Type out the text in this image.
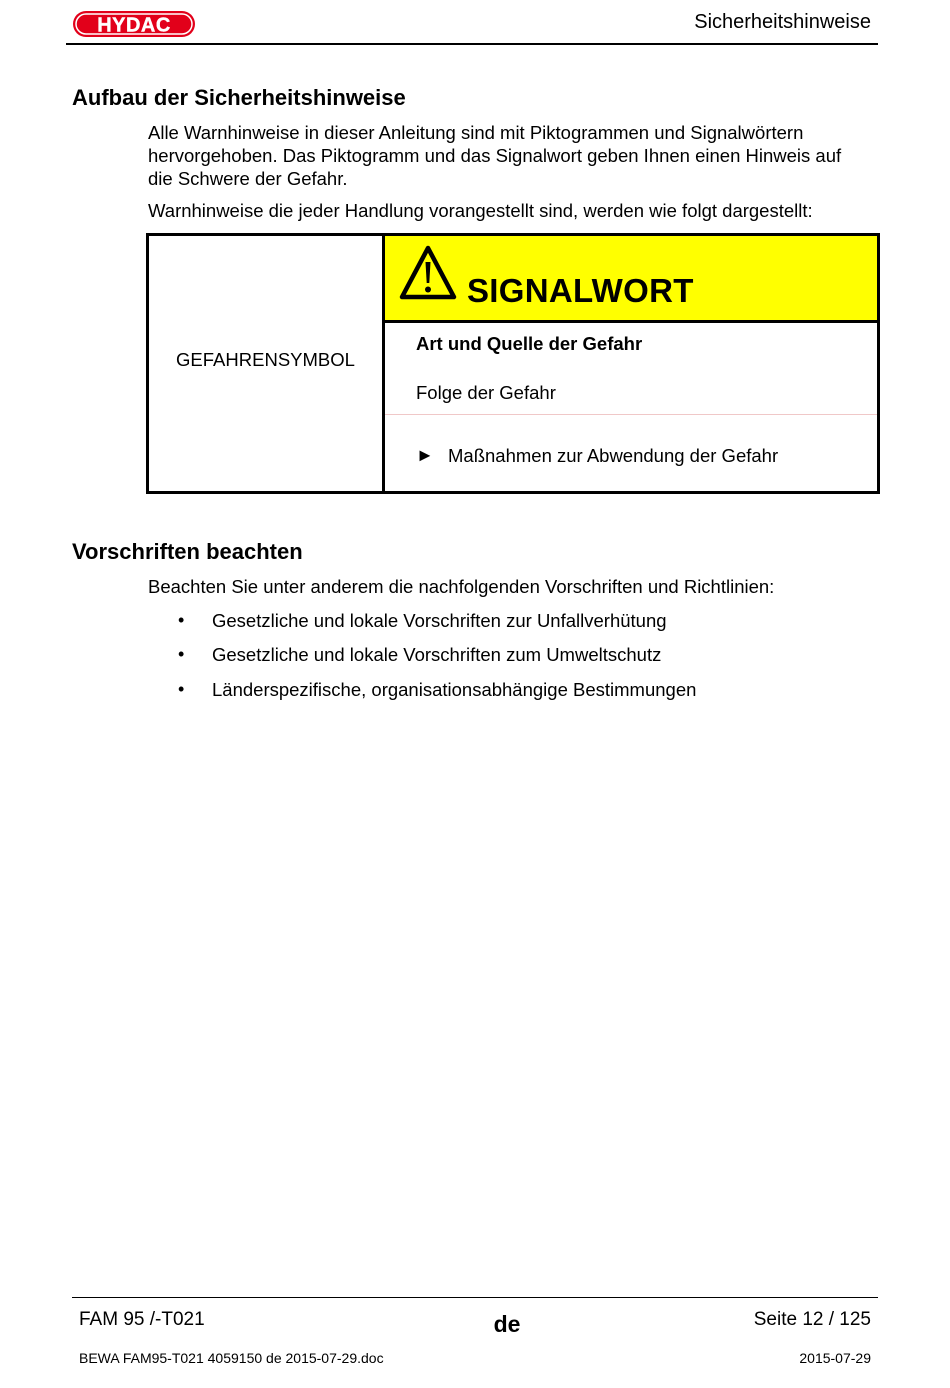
HYDAC	Sicherheitshinweise
Aufbau der Sicherheitshinweise
Alle Warnhinweise in dieser Anleitung sind mit Piktogrammen und Signalwörtern hervorgehoben. Das Piktogramm und das Signalwort geben Ihnen einen Hinweis auf die Schwere der Gefahr.
Warnhinweise die jeder Handlung vorangestellt sind, werden wie folgt dargestellt:
GEFAHRENSYMBOL
SIGNALWORT
Art und Quelle der Gefahr
Folge der Gefahr
► Maßnahmen zur Abwendung der Gefahr
Vorschriften beachten
Beachten Sie unter anderem die nachfolgenden Vorschriften und Richtlinien:
• Gesetzliche und lokale Vorschriften zur Unfallverhütung
• Gesetzliche und lokale Vorschriften zum Umweltschutz
• Länderspezifische, organisationsabhängige Bestimmungen
FAM 95 /-T021	de	Seite 12 / 125
BEWA FAM95-T021 4059150 de 2015-07-29.doc	2015-07-29
